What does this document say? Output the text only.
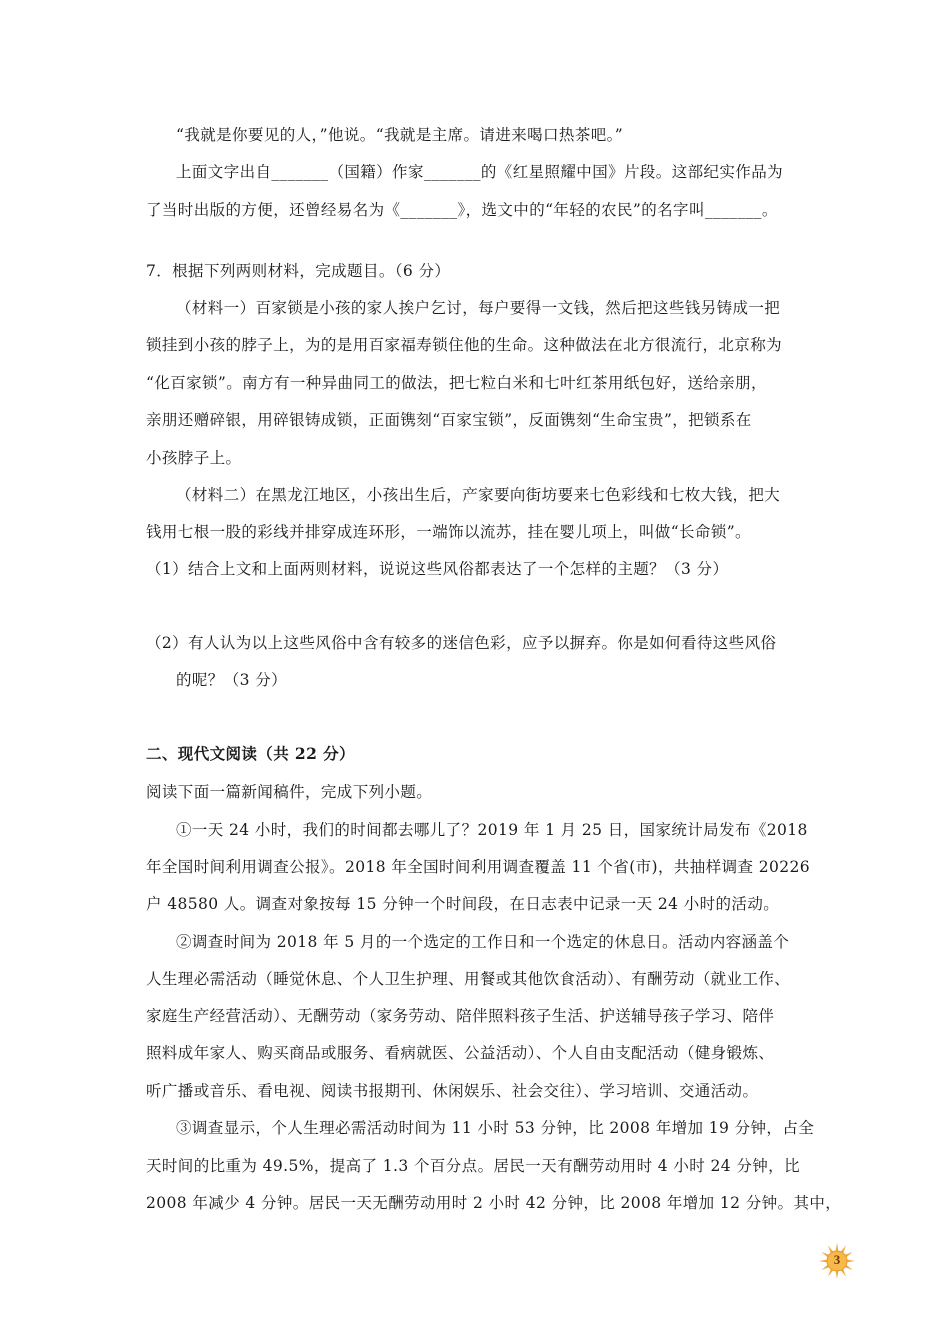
“我就是你要见的人，”他说。“我就是主席。请进来喝口热茶吧。”
上面文字出自_______（国籍）作家_______的《红星照耀中国》片段。这部纪实作品为
了当时出版的方便，还曾经易名为《_______》，选文中的“年轻的农民”的名字叫_______。
7．根据下列两则材料，完成题目。（6 分）
（材料一）百家锁是小孩的家人挨户乞讨，每户要得一文钱，然后把这些钱另铸成一把
锁挂到小孩的脖子上，为的是用百家福寿锁住他的生命。这种做法在北方很流行，北京称为
“化百家锁”。南方有一种异曲同工的做法，把七粒白米和七叶红茶用纸包好，送给亲朋，
亲朋还赠碎银，用碎银铸成锁，正面镌刻“百家宝锁”，反面镌刻“生命宝贵”，把锁系在
小孩脖子上。
（材料二）在黑龙江地区，小孩出生后，产家要向街坊要来七色彩线和七枚大钱，把大
钱用七根一股的彩线并排穿成连环形，一端饰以流苏，挂在婴儿项上，叫做“长命锁”。
（1）结合上文和上面两则材料，说说这些风俗都表达了一个怎样的主题？（3 分）
（2）有人认为以上这些风俗中含有较多的迷信色彩，应予以摒弃。你是如何看待这些风俗
的呢？（3 分）
二、现代文阅读（共 22 分）
阅读下面一篇新闻稿件，完成下列小题。
①一天 24 小时，我们的时间都去哪儿了？2019 年 1 月 25 日，国家统计局发布《2018
年全国时间利用调查公报》。2018 年全国时间利用调查覆盖 11 个省(市)，共抽样调查 20226
户 48580 人。调查对象按每 15 分钟一个时间段，在日志表中记录一天 24 小时的活动。
②调查时间为 2018 年 5 月的一个选定的工作日和一个选定的休息日。活动内容涵盖个
人生理必需活动（睡觉休息、个人卫生护理、用餐或其他饮食活动）、有酬劳动（就业工作、
家庭生产经营活动）、无酬劳动（家务劳动、陪伴照料孩子生活、护送辅导孩子学习、陪伴
照料成年家人、购买商品或服务、看病就医、公益活动）、个人自由支配活动（健身锻炼、
听广播或音乐、看电视、阅读书报期刊、休闲娱乐、社会交往）、学习培训、交通活动。
③调查显示，个人生理必需活动时间为 11 小时 53 分钟，比 2008 年增加 19 分钟，占全
天时间的比重为 49.5%，提高了 1.3 个百分点。居民一天有酬劳动用时 4 小时 24 分钟，比
2008 年减少 4 分钟。居民一天无酬劳动用时 2 小时 42 分钟，比 2008 年增加 12 分钟。其中，
3
